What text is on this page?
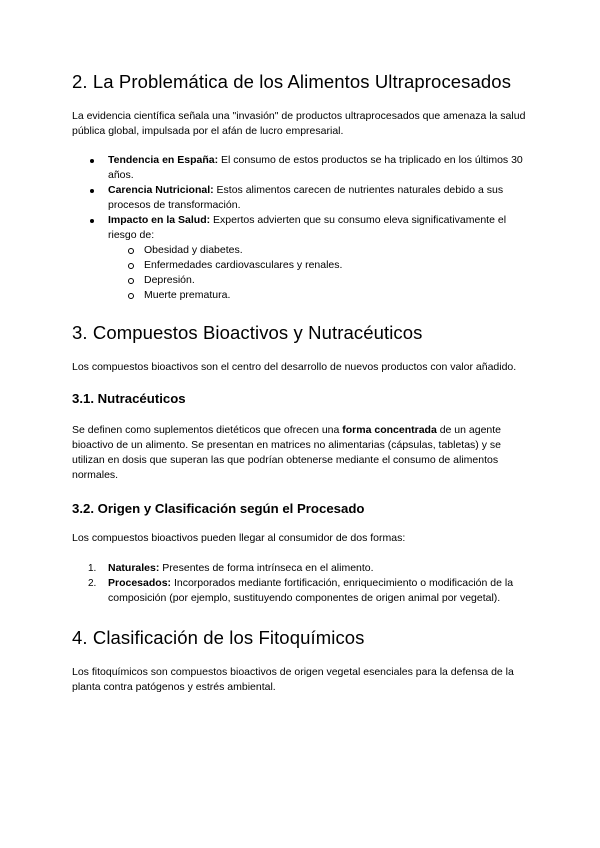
2. La Problemática de los Alimentos Ultraprocesados

La evidencia científica señala una "invasión" de productos ultraprocesados que amenaza la salud pública global, impulsada por el afán de lucro empresarial.

Tendencia en España: El consumo de estos productos se ha triplicado en los últimos 30 años.
Carencia Nutricional: Estos alimentos carecen de nutrientes naturales debido a sus procesos de transformación.
Impacto en la Salud: Expertos advierten que su consumo eleva significativamente el riesgo de:
Obesidad y diabetes.
Enfermedades cardiovasculares y renales.
Depresión.
Muerte prematura.
3. Compuestos Bioactivos y Nutracéuticos

Los compuestos bioactivos son el centro del desarrollo de nuevos productos con valor añadido.

3.1. Nutracéuticos

Se definen como suplementos dietéticos que ofrecen una forma concentrada de un agente bioactivo de un alimento. Se presentan en matrices no alimentarias (cápsulas, tabletas) y se utilizan en dosis que superan las que podrían obtenerse mediante el consumo de alimentos normales.

3.2. Origen y Clasificación según el Procesado

Los compuestos bioactivos pueden llegar al consumidor de dos formas:

1. Naturales: Presentes de forma intrínseca en el alimento.
2. Procesados: Incorporados mediante fortificación, enriquecimiento o modificación de la composición (por ejemplo, sustituyendo componentes de origen animal por vegetal).
4. Clasificación de los Fitoquímicos

Los fitoquímicos son compuestos bioactivos de origen vegetal esenciales para la defensa de la planta contra patógenos y estrés ambiental.
